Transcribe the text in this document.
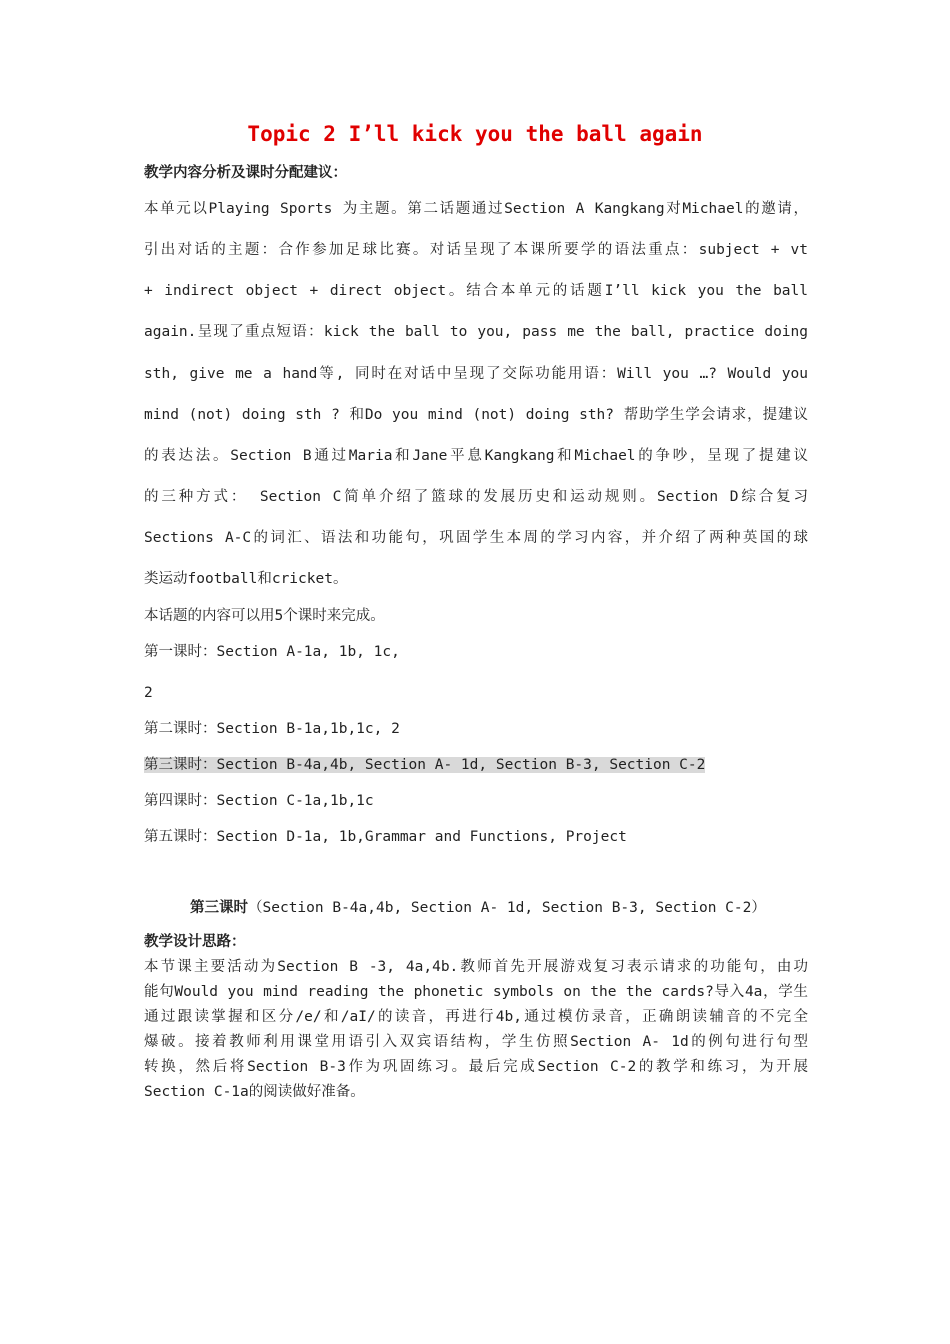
Topic 2 I’ll kick you the ball again
教学内容分析及课时分配建议：
本单元以Playing Sports 为主题。第二话题通过Section A Kangkang对Michael的邀请，
引出对话的主题：合作参加足球比赛。对话呈现了本课所要学的语法重点：subject + vt
+ indirect object + direct object。结合本单元的话题I’ll kick you the ball
again.呈现了重点短语：kick the ball to you, pass me the ball, practice doing
sth, give me a hand等, 同时在对话中呈现了交际功能用语：Will you …? Would you
mind (not) doing sth ? 和Do you mind (not) doing sth? 帮助学生学会请求，提建议
的表达法。Section B通过Maria和Jane平息Kangkang和Michael的争吵，呈现了提建议
的三种方式： Section C简单介绍了篮球的发展历史和运动规则。Section D综合复习
Sections A-C的词汇、语法和功能句，巩固学生本周的学习内容，并介绍了两种英国的球
类运动football和cricket。
本话题的内容可以用5个课时来完成。
第一课时：Section A-1a, 1b, 1c,
2
第二课时：Section B-1a,1b,1c, 2
第三课时：Section B-4a,4b, Section A- 1d, Section B-3, Section C-2
第四课时：Section C-1a,1b,1c
第五课时：Section D-1a, 1b,Grammar and Functions, Project
第三课时（Section B-4a,4b, Section A- 1d, Section B-3, Section C-2）
教学设计思路：
本节课主要活动为Section B -3, 4a,4b.教师首先开展游戏复习表示请求的功能句，由功
能句Would you mind reading the phonetic symbols on the the cards?导入4a，学生
通过跟读掌握和区分/e/和/aI/的读音，再进行4b,通过模仿录音，正确朗读辅音的不完全
爆破。接着教师利用课堂用语引入双宾语结构，学生仿照Section A- 1d的例句进行句型
转换，然后将Section B-3作为巩固练习。最后完成Section C-2的教学和练习，为开展
Section C-1a的阅读做好准备。
